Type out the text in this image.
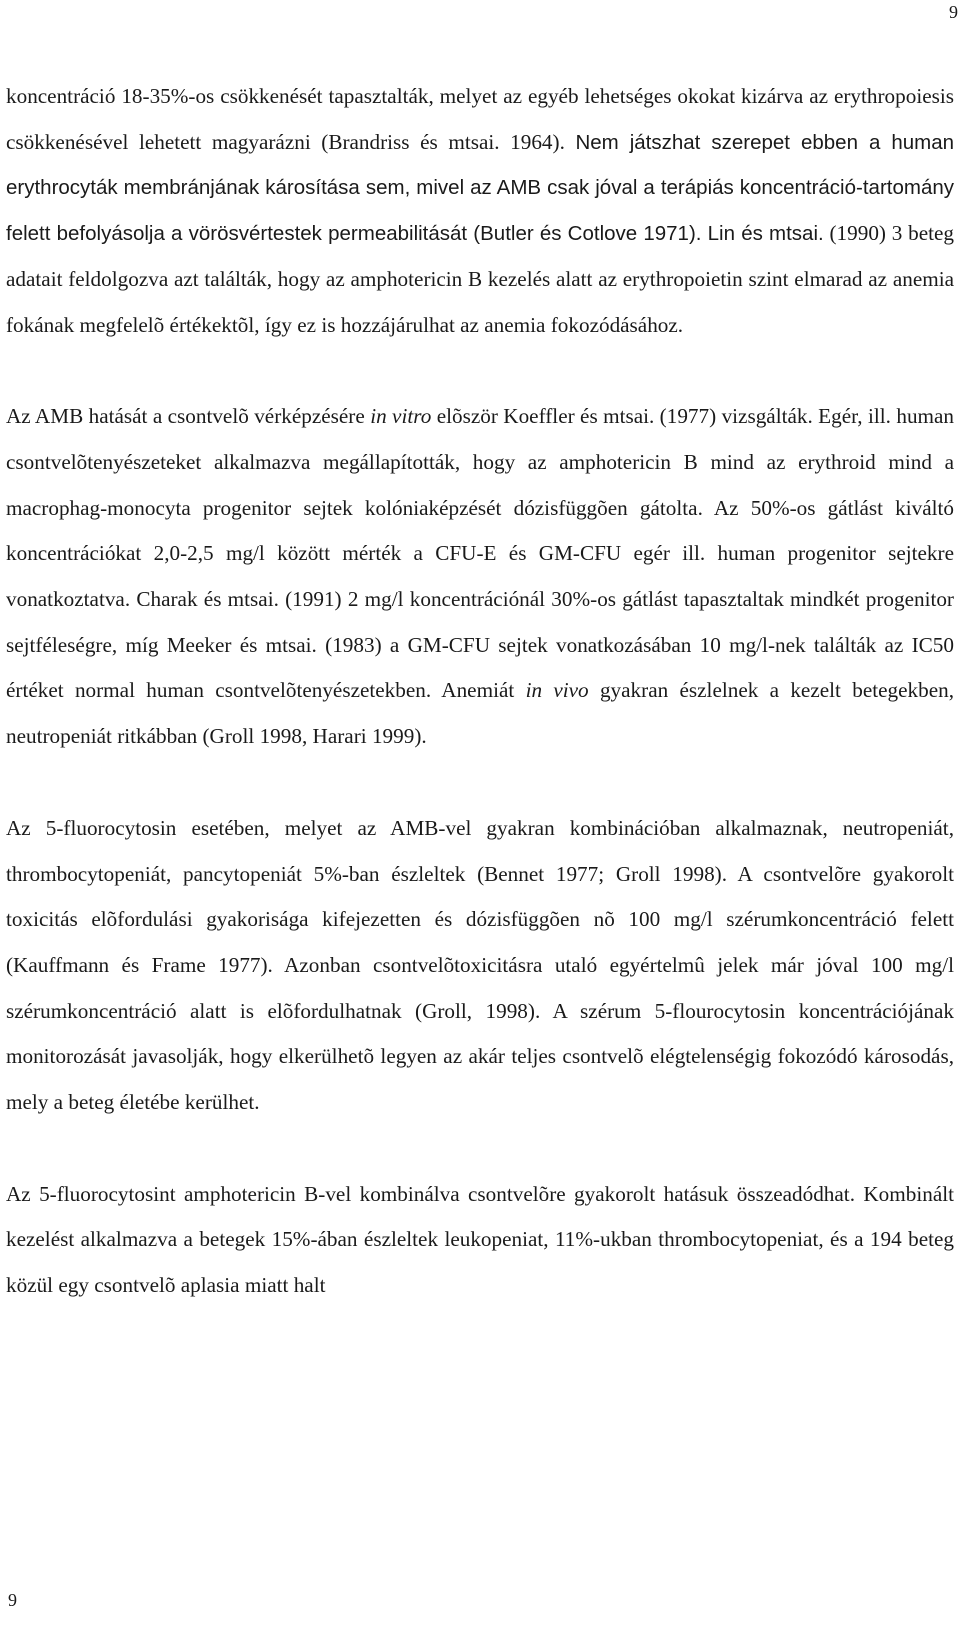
9

koncentráció 18-35%-os csökkenését tapasztalták, melyet az egyéb lehetséges okokat kizárva az erythropoiesis csökkenésével lehetett magyarázni (Brandriss és mtsai. 1964). Nem játszhat szerepet ebben a human erythrocyták membránjának károsítása sem, mivel az AMB csak jóval a terápiás koncentráció-tartomány felett befolyásolja a vörösvértestek permeabilitását (Butler és Cotlove 1971). Lin és mtsai. (1990) 3 beteg adatait feldolgozva azt találták, hogy az amphotericin B kezelés alatt az erythropoietin szint elmarad az anemia fokának megfelelõ értékektõl, így ez is hozzájárulhat az anemia fokozódásához.

Az AMB hatását a csontvelõ vérképzésére in vitro elõször Koeffler és mtsai. (1977) vizsgálták. Egér, ill. human csontvelõtenyészeteket alkalmazva megállapították, hogy az amphotericin B mind az erythroid mind a macrophag-monocyta progenitor sejtek kolóniaképzését dózisfüggõen gátolta. Az 50%-os gátlást kiváltó koncentrációkat 2,0-2,5 mg/l között mérték a CFU-E és GM-CFU egér ill. human progenitor sejtekre vonatkoztatva. Charak és mtsai. (1991) 2 mg/l koncentrációnál 30%-os gátlást tapasztaltak mindkét progenitor sejtféleségre, míg Meeker és mtsai. (1983) a GM-CFU sejtek vonatkozásában 10 mg/l-nek találták az IC50 értéket normal human csontvelõtenyészetekben. Anemiát in vivo gyakran észlelnek a kezelt betegekben, neutropeniát ritkábban (Groll 1998, Harari 1999).

Az 5-fluorocytosin esetében, melyet az AMB-vel gyakran kombinációban alkalmaznak, neutropeniát, thrombocytopeniát, pancytopeniát 5%-ban észleltek (Bennet 1977; Groll 1998). A csontvelõre gyakorolt toxicitás elõfordulási gyakorisága kifejezetten és dózisfüggõen nõ 100 mg/l szérumkoncentráció felett (Kauffmann és Frame 1977). Azonban csontvelõtoxicitásra utaló egyértelmû jelek már jóval 100 mg/l szérumkoncentráció alatt is elõfordulhatnak (Groll, 1998). A szérum 5-flourocytosin koncentrációjának monitorozását javasolják, hogy elkerülhetõ legyen az akár teljes csontvelõ elégtelenségig fokozódó károsodás, mely a beteg életébe kerülhet.

Az 5-fluorocytosint amphotericin B-vel kombinálva csontvelõre gyakorolt hatásuk összeadódhat. Kombinált kezelést alkalmazva a betegek 15%-ában észleltek leukopeniat, 11%-ukban thrombocytopeniat, és a 194 beteg közül egy csontvelõ aplasia miatt halt

9
